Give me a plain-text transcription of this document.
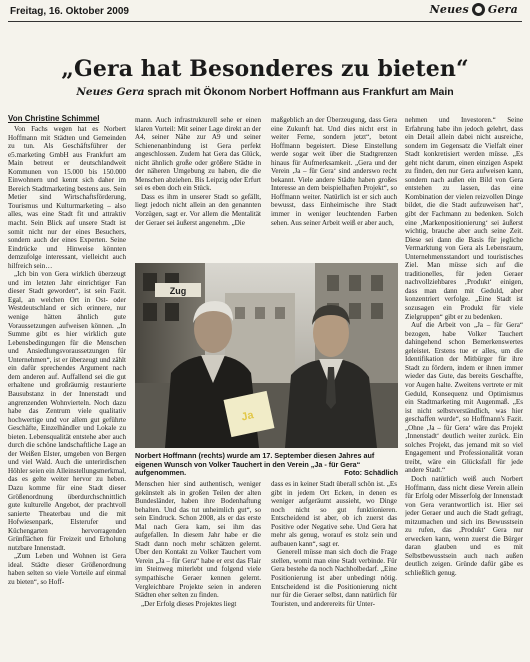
Freitag, 16. Oktober 2009	Neues Gera
„Gera hat Besonderes zu bieten“
Neues Gera sprach mit Ökonom Norbert Hoffmann aus Frankfurt am Main
Von Christine Schimmel

Von Fachs wegen hat es Norbert Hoffmann mit Städten und Gemeinden zu tun. Als Geschäftsführer der e5.marketing GmbH aus Frankfurt am Main betreut er deutschlandweit Kommunen von 15.000 bis 150.000 Einwohnern und kennt sich daher im Bereich Stadtmarketing bestens aus. Sein Metier sind Wirtschaftsförderung, Tourismus und Kulturmarketing – also alles, was eine Stadt fit und attraktiv macht. Sein Blick auf unsere Stadt ist somit nicht nur der eines Besuchers, sondern auch der eines Experten. Seine Eindrücke und Hinweise könnten demzufolge interessant, vielleicht auch hilfreich sein…

„Ich bin von Gera wirklich überzeugt und im letzten Jahr einrichtiger Fan dieser Stadt geworden“, ist sein Fazit. Egal, an welchen Ort in Ost- oder Westdeutschland er sich erinnere, nur wenige hätten ähnlich gute Voraussetzungen aufweisen können. „In Summe gibt es hier wirklich gute Lebensbedingungen für die Menschen und Ansiedlungsvoraussetzungen für Unternehmen“, ist er überzeugt und zählt ein dafür sprechendes Argument nach dem anderen auf. Auffallend sei die gut erhaltene und großräumig restaurierte Bausubstanz in der Innenstadt und angrenzenden Wohnvierteln. Noch dazu habe das Zentrum viele qualitativ hochwertige und vor allem gut geführte Geschäfte, Einzelhändler und Lokale zu bieten. Lebensqualität entstehe aber auch durch die schöne landschaftliche Lage an der Weißen Elster, umgeben von Bergen und viel Wald. Auch die unterirdischen Höhler seien ein Alleinstellungsmerkmal, das es geltе weiter hervor zu heben. Dazu komme für eine Stadt dieser Größenordnung überdurchschnittlich gute kulturelle Angebot, der prachtvoll sanierte Theaterbau und die mit Hofwiesenpark, Elsterufer und Küchengarten hervorragenden Grünflächen für Freizeit und Erholung nutzbare Innenstadt.

„Zum Leben und Wohnen ist Gera ideal. Städte dieser Größenordnung haben selten so viele Vorteile auf einmal zu bieten“, so Hoff-

mann. Auch infrastrukturell sehe er einen klaren Vorteil: Mit seiner Lage direkt an der A4, seiner Nähe zur A9 und seiner Schienenanbindung ist Gera perfekt angeschlossen. Zudem hat Gera das Glück, nicht ähnlich große oder größere Städte in der näheren Umgebung zu haben, die die Menschen abziehen. Bis Leipzig oder Erfurt sei es eben doch ein Stück.

Dass es ihm in unserer Stadt so gefällt, liegt jedoch nicht allein an den genannten Vorzügen, sagt er. Vor allem die Mentalität der Geraer sei äußerst angenehm. „Die

maßgeblich an der Überzeugung, dass Gera eine Zukunft hat. Und dies nicht erst in weiter Ferne, sondern jetzt“, betont Hoffmann begeistert. Diese Einstellung werde sogar weit über die Stadtgrenzen hinaus für Aufmerksamkeit. „Gera und der Verein ‚Ja – für Gera‘ sind anderswo recht bekannt. Viele andere Städte haben großes Interesse an dem beispielhaften Projekt“, so Hoffmann weiter. Natürlich ist er sich auch bewusst, dass Einheimische ihre Stadt immer in weniger leuchtenden Farben sehen. Aus seiner Arbeit weiß er aber auch,

nehmen und Investoren.“ Seine Erfahrung habe ihn jedoch gelehrt, dass ein Detail allein dabei nicht ausreiche, sondern im Gegensatz die Vielfalt einer Stadt konkretisiert werden müsse. „Es geht nicht darum, einen einzigen Aspekt zu finden, den nur Gera aufweisen kann, sondern nach außen ein Bild von Gera entstehen zu lassen, das eine Kombination der vielen reizvollen Dinge bildet, die die Stadt aufzuweisen hat“, gibt der Fachmann zu bedenken. Solch eine ‚Markenpositionierung‘ sei äußerst wichtig, brauche aber auch seine Zeit. Diese sei dann die Basis für jegliche Vermarktung von Gera als Lebensraum, Unternehmensstandort und touristisches Ziel. Man müsse sich auf die traditionelles, für jeden Geraer nachvollziehbares ‚Produkt‘ einigen, dass man dann mit Geduld, aber konzentriert verfolge. „Eine Stadt ist sozusagen ein Produkt für viele Zielgruppen“ gibt er zu bedenken.

Auf die Arbeit von „Ja – für Gera“ bezogen, habe Volker Tauchert dahingehend schon Bemerkenswertes geleistet. Erstens tue er alles, um die Identifikation der Mitbürger für ihre Stadt zu fördern, indem er ihnen immer wieder das Gute, das bereits Geschaffte, vor Augen halte. Zweitens vertrete er mit Geduld, Konsequenz und Optimismus ein Stadtmarketing mit Augenmaß. „Es ist nicht selbstverständlich, was hier geschaffen wurde“, so Hoffmann's Fazit. „Ohne ‚Ja – für Gera‘ wäre das Projekt ‚Innenstadt‘ deutlich weiter zurück. Ein solches Projekt, das jemand mit so viel Engagement und Professionalität voran treibt, wäre ein Glücksfall für jede andere Stadt.“

Doch natürlich weiß auch Norbert Hoffmann, dass nicht diese Verein allein für Erfolg oder Misserfolg der Innenstadt von Gera verantwortlich ist. Hier sei jeder Geraer und auch die Stadt gefragt, mitzumachen und sich ins Bewusstsein zu rufen, das ‚Produkt‘ Gera nur erwecken kann, wenn zuerst die Bürger daran glauben und es mit Selbstbewusstsein auch nach außen deutlich zeigen. Gründe dafür gäbe es schließlich genug.

Zug
Ja
Norbert Hoffmann (rechts) wurde am 17. September diesen Jahres auf eigenen Wunsch von Volker Tauchert in den Verein „Ja - für Gera“ aufgenommen.	Foto: Schädlich

Menschen hier sind authentisch, weniger gekünstelt als in großen Teilen der alten Bundesländer, haben ihre Bodenhaftung behalten. Und das tut unheimlich gut“, so sein Eindruck. Schon 2008, als er das erste Mal nach Gera kam, sei ihm das aufgefallen. In diesem Jahr habe er die Stadt dann noch mehr schätzen gelernt. Über den Kontakt zu Volker Tauchert vom Verein „Ja – für Gera“ habe er erst das Flair im Steinweg miterlebt und folgend viele sympathische Geraer kennen gelernt. Vergleichbare Projekte seien in anderen Städten eher selten zu finden.

„Der Erfolg dieses Projektes liegt

dass es in keiner Stadt überall schön ist. „Es gibt in jedem Ort Ecken, in denen es weniger aufgeräumt aussieht, wo Dinge noch nicht so gut funktionieren. Entscheidend ist aber, ob ich zuerst das Positive oder Negative sehe. Und Gera hat mehr als genug, worauf es stolz sein und aufbauen kann“, sagt er.

Generell müsse man sich doch die Frage stellen, womit man eine Stadt verbinde. Für Gera bestehe da noch Nachholbedarf. „Eine Positionierung ist aber unbedingt nötig. Entscheidend ist die Positionierung nicht nur für die Geraer selbst, dann natürlich für Touristen, und anderereits für Unter-
